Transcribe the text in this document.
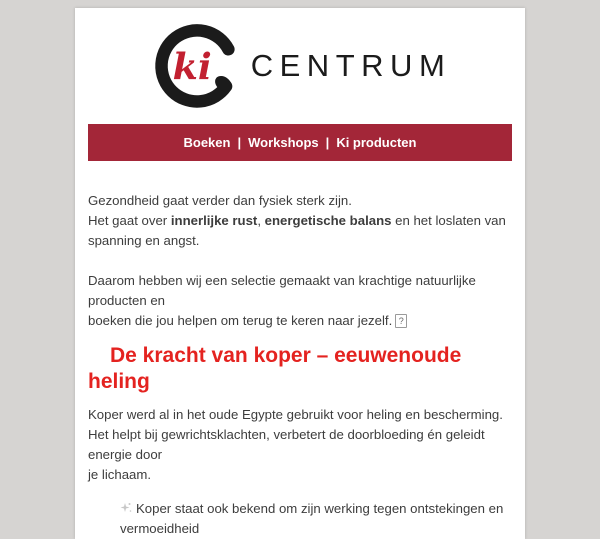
ki CENTRUM
Boeken | Workshops | Ki producten

Gezondheid gaat verder dan fysiek sterk zijn.
Het gaat over innerlijke rust, energetische balans en het loslaten van
spanning en angst.

Daarom hebben wij een selectie gemaakt van krachtige natuurlijke producten en
boeken die jou helpen om terug te keren naar jezelf. ?

De kracht van koper – eeuwenoude
heling

Koper werd al in het oude Egypte gebruikt voor heling en bescherming.
Het helpt bij gewrichtsklachten, verbetert de doorbloeding én geleidt energie door
je lichaam.

Koper staat ook bekend om zijn werking tegen ontstekingen en
vermoeidheid
